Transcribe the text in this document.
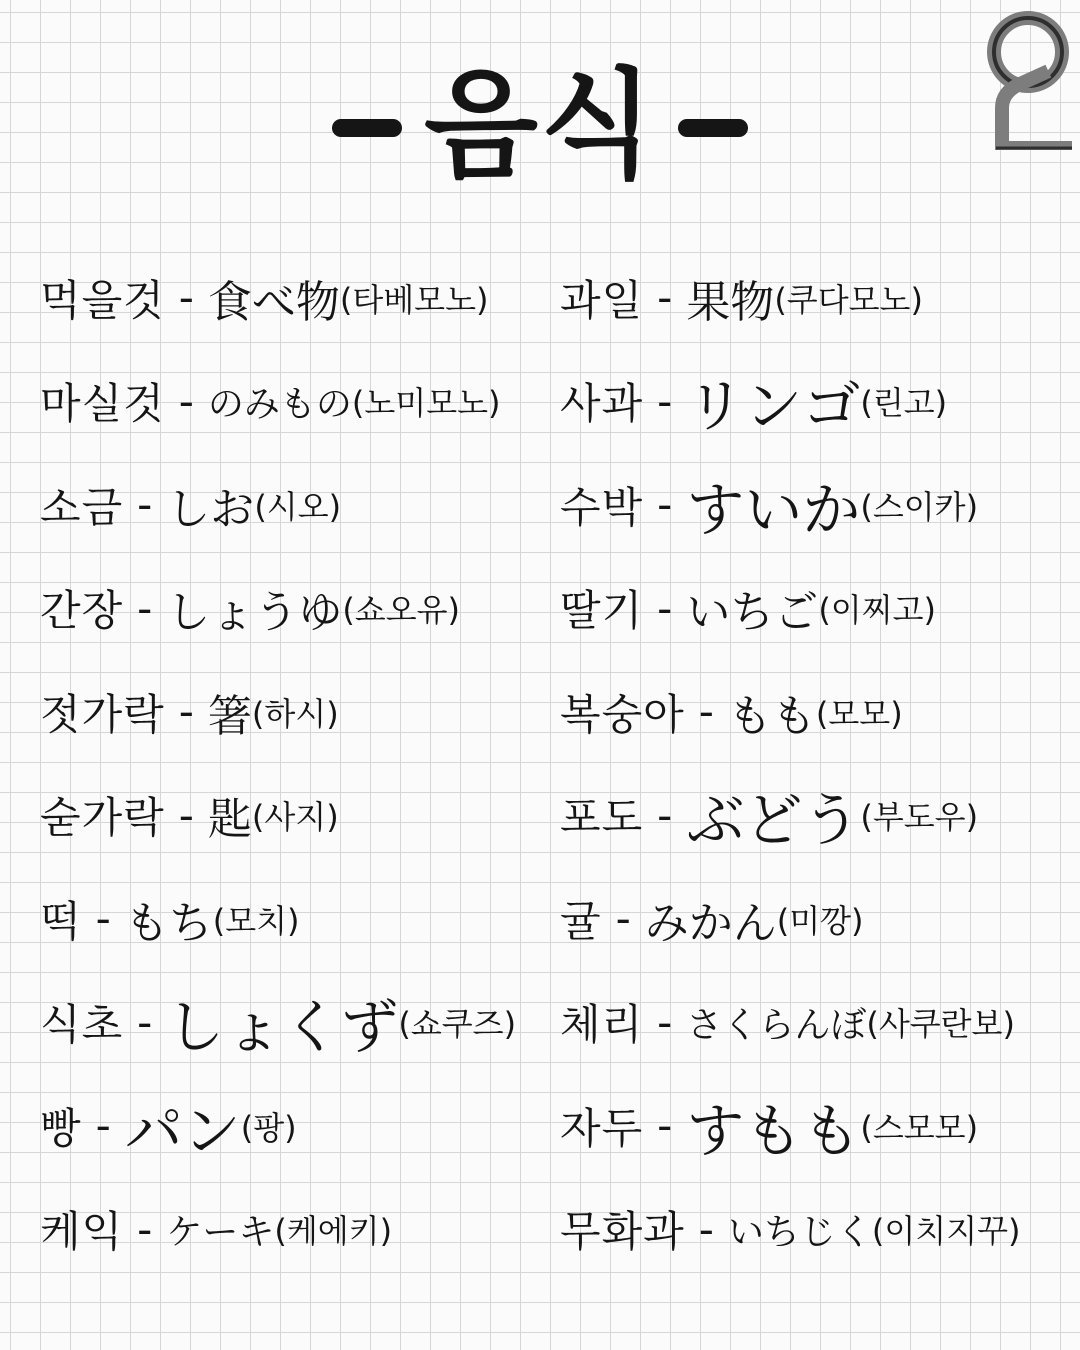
음식
먹을것 - 食べ物 ( 타베모노 )
마실것 - のみもの ( 노미모노 )
소금 - しお ( 시오 )
간장 - しょうゆ ( 쇼오유 )
젓가락 - 箸 ( 하시 )
숟가락 - 匙 ( 사지 )
떡 - もち ( 모치 )
식초 - しょくず ( 쇼쿠즈 )
빵 - パン ( 팡 )
케익 - ケーキ ( 케에키 )
과일 - 果物 ( 쿠다모노 )
사과 - リンゴ ( 린고 )
수박 - すいか ( 스이카 )
딸기 - いちご ( 이찌고 )
복숭아 - もも ( 모모 )
포도 - ぶどう ( 부도우 )
귤 - みかん ( 미깡 )
체리 - さくらんぼ ( 사쿠란보 )
자두 - すもも ( 스모모 )
무화과 - いちじく ( 이치지꾸 )
